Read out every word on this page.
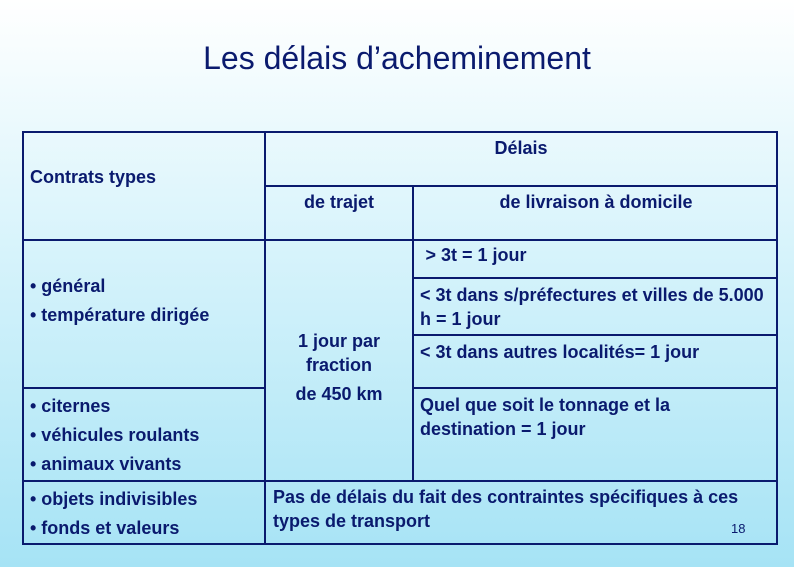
Les délais d’acheminement
Contrats types
Délais
de trajet	de livraison à domicile
• général
• température dirigée
• citernes
• véhicules roulants
• animaux vivants
• objets indivisibles
• fonds et valeurs
1 jour par
fraction
de 450 km
> 3t = 1 jour
< 3t dans s/préfectures et villes de 5.000 h = 1 jour
< 3t dans autres localités= 1 jour
Quel que soit le tonnage et la destination = 1 jour
Pas de délais du fait des contraintes spécifiques à ces types de transport	18
